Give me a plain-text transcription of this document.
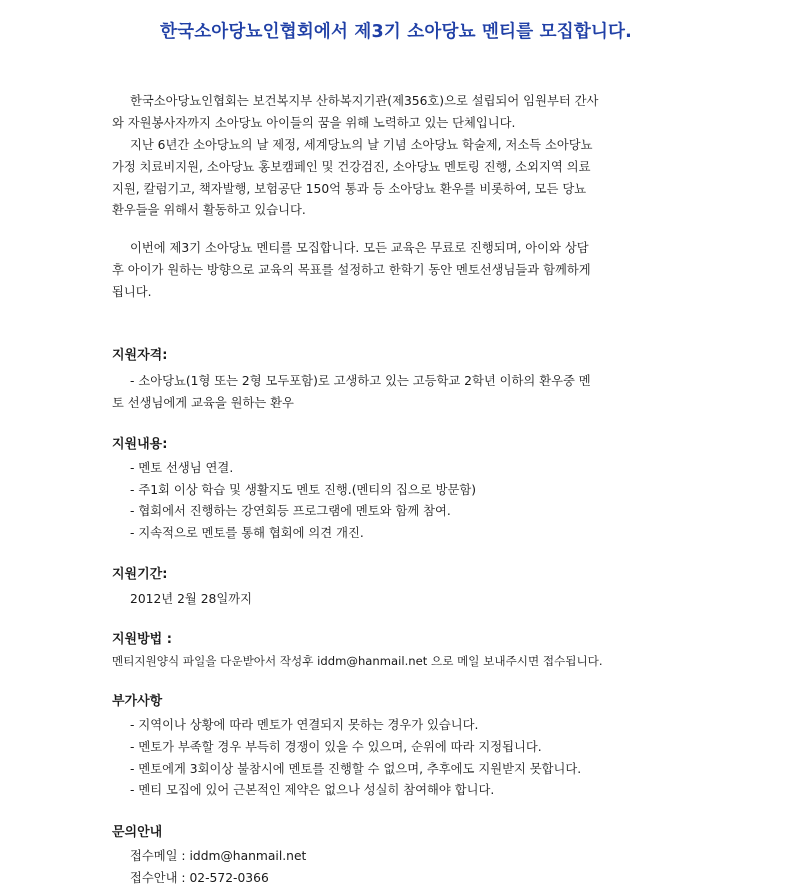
한국소아당뇨인협회에서 제3기 소아당뇨 멘티를 모집합니다.
한국소아당뇨인협회는 보건복지부 산하복지기관(제356호)으로 설립되어 임원부터 간사
와 자원봉사자까지 소아당뇨 아이들의 꿈을 위해 노력하고 있는 단체입니다.
지난 6년간 소아당뇨의 날 제정, 세계당뇨의 날 기념 소아당뇨 학술제, 저소득 소아당뇨
가정 치료비지원, 소아당뇨 홍보캠페인 및 건강검진, 소아당뇨 멘토링 진행, 소외지역 의료
지원, 칼럼기고, 책자발행, 보험공단 150억 통과 등 소아당뇨 환우를 비롯하여, 모든 당뇨
환우들을 위해서 활동하고 있습니다.
이번에 제3기 소아당뇨 멘티를 모집합니다. 모든 교육은 무료로 진행되며, 아이와 상담
후 아이가 원하는 방향으로 교육의 목표를 설정하고 한학기 동안 멘토선생님들과 함께하게
됩니다.
지원자격:
- 소아당뇨(1형 또는 2형 모두포함)로 고생하고 있는 고등학교 2학년 이하의 환우중 멘
토 선생님에게 교육을 원하는 환우
지원내용:
- 멘토 선생님 연결.
- 주1회 이상 학습 및 생활지도 멘토 진행.(멘티의 집으로 방문함)
- 협회에서 진행하는 강연회등 프로그램에 멘토와 함께 참여.
- 지속적으로 멘토를 통해 협회에 의견 개진.
지원기간:
2012년 2월 28일까지
지원방법 :
멘티지원양식 파일을 다운받아서 작성후 iddm@hanmail.net 으로 메일 보내주시면 접수됩니다.
부가사항
- 지역이나 상황에 따라 멘토가 연결되지 못하는 경우가 있습니다.
- 멘토가 부족할 경우 부득히 경쟁이 있을 수 있으며, 순위에 따라 지정됩니다.
- 멘토에게 3회이상 불참시에 멘토를 진행할 수 없으며, 추후에도 지원받지 못합니다.
- 멘티 모집에 있어 근본적인 제약은 없으나 성실히 참여해야 합니다.
문의안내
접수메일 : iddm@hanmail.net
접수안내 : 02-572-0366
